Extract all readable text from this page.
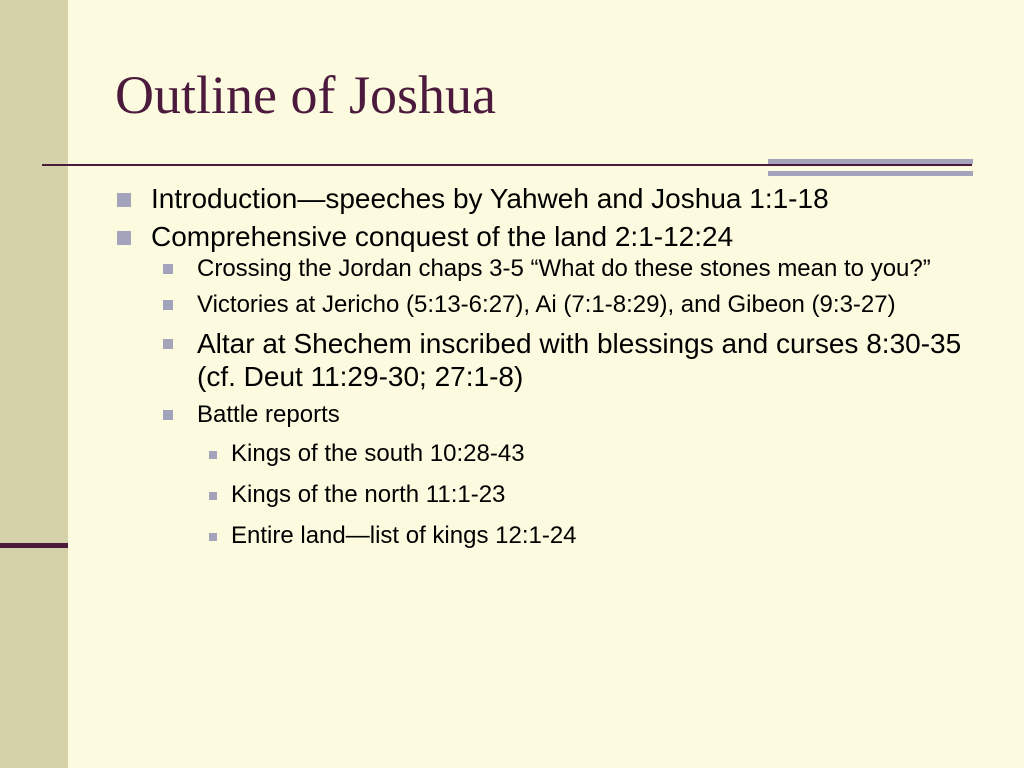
Outline of Joshua
Introduction—speeches by Yahweh and Joshua 1:1-18
Comprehensive conquest of the land 2:1-12:24
Crossing the Jordan chaps 3-5 “What do these stones mean to you?”
Victories at Jericho (5:13-6:27), Ai (7:1-8:29), and Gibeon (9:3-27)
Altar at Shechem inscribed with blessings and curses 8:30-35 (cf. Deut 11:29-30; 27:1-8)
Battle reports
Kings of the south 10:28-43
Kings of the north 11:1-23
Entire land—list of kings 12:1-24
